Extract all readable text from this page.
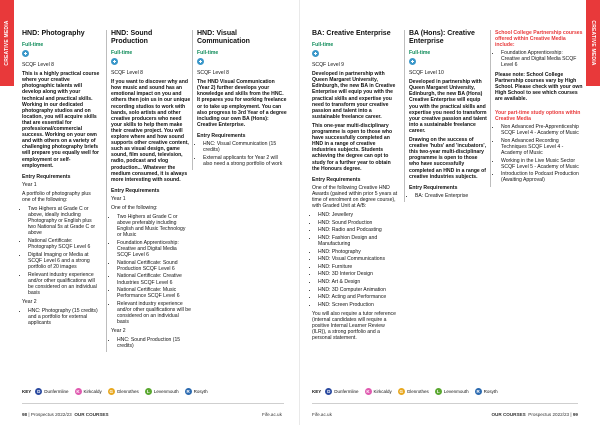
CREATIVE MEDIA	CREATIVE MEDIA
HND: Photography
Full-time
SCQF Level 8
This is a highly practical course where your creative photographic talents will develop along with your technical and practical skills. Working in our dedicated photography studios and on location, you will acquire skills that are essential for professional/commercial success. Working on your own and with others on a variety of challenging photography briefs will prepare you equally well for employment or self-employment.
Entry Requirements
Year 1
A portfolio of photography plus one of the following:
• Two Highers at Grade C or above, ideally including Photography or English plus two National 5s at Grade C or above
• National Certificate: Photography SCQF Level 6
• Digital Imaging or Media at SCQF Level 6 and a strong portfolio of 20 images
• Relevant industry experience and/or other qualifications will be considered on an individual basis
Year 2
• HNC: Photography (15 credits) and a portfolio for external applicants
HND: Sound Production
Full-time
SCQF Level 8
If you want to discover why and how music and sound has an emotional impact on you and others then join us in our unique recording studios to work with bands, solo artists and other creative producers who need your skills to help them make their creative project. You will explore where and how sound supports other creative content, such as visual design, game sound, film sound, television, radio, podcast and vlog production... Whatever the medium consumed, it is always more interesting with sound.
Entry Requirements
Year 1
One of the following:
• Two Highers at Grade C or above preferably including English and Music Technology or Music
• Foundation Apprenticeship: Creative and Digital Media SCQF Level 6
• National Certificate: Sound Production SCQF Level 6
• National Certificate: Creative Industries SCQF Level 6
• National Certificate: Music Performance SCQF Level 6
• Relevant industry experience and/or other qualifications will be considered on an individual basis
Year 2
• HNC: Sound Production (15 credits)
HND: Visual Communication
Full-time
SCQF Level 8
The HND Visual Communication (Year 2) further develops your knowledge and skills from the HNC. It prepares you for working freelance or to take up employment. You can also progress to 3rd Year of a degree including our own BA (Hons): Creative Enterprise.
Entry Requirements
• HNC: Visual Communication (15 credits)
• External applicants for Year 2 will also need a strong portfolio of work
BA: Creative Enterprise
Full-time
SCQF Level 9
Developed in partnership with Queen Margaret University, Edinburgh, the new BA in Creative Enterprise will equip you with the practical skills and expertise you need to transform your creative passion and talent into a sustainable freelance career.
This one-year multi-disciplinary programme is open to those who have successfully completed an HND in a range of creative industries subjects. Students achieving the degree can opt to study for a further year to obtain the Honours degree.
Entry Requirements
One of the following Creative HND Awards (gained within prior 5 years at time of enrolment on degree course), with Graded Unit at A/B:
• HND: Jewellery
• HND: Sound Production
• HND: Radio and Podcasting
• HND: Fashion Design and Manufacturing
• HND: Photography
• HND: Visual Communications
• HND: Furniture
• HND: 3D Interior Design
• HND: Art & Design
• HND: 3D Computer Animation
• HND: Acting and Performance
• HND: Screen Production
You will also require a tutor reference (internal candidates will require a positive Internal Learner Review (ILR)), a strong portfolio and a personal statement.
BA (Hons): Creative Enterprise
Full-time
SCQF Level 10
Developed in partnership with Queen Margaret University, Edinburgh, the new BA (Hons) Creative Enterprise will equip you with the practical skills and expertise you need to transform your creative passion and talent into a sustainable freelance career.
Drawing on the success of creative 'hubs' and 'incubators', this two-year multi-disciplinary programme is open to those who have successfully completed an HND in a range of creative industries subjects.
Entry Requirements
• BA: Creative Enterprise
School College Partnership courses offered within Creative Media include:
• Foundation Apprenticeship: Creative and Digital Media SCQF Level 6
Please note: School College Partnership courses vary by High School. Please check with your own High School to see which courses are available.
Your part-time study options within Creative Media
• Non Advanced Pre-Apprenticeship SCQF Level 4 - Academy of Music
• Non Advanced Recording Techniques SCQF Level 4 - Academy of Music
• Working in the Live Music Sector SCQF Level 5 - Academy of Music
• Introduction to Podcast Production (Awaiting Approval)
KEY	D Dunfermline	K Kirkcaldy	G Glenrothes	L Levenmouth	R Rosyth	KEY	D Dunfermline	K Kirkcaldy	G Glenrothes	L Levenmouth	R Rosyth
98 | Prospectus 2022/23 OUR COURSES	Fife.ac.uk	Fife.ac.uk	OUR COURSES Prospectus 2022/23 | 99
